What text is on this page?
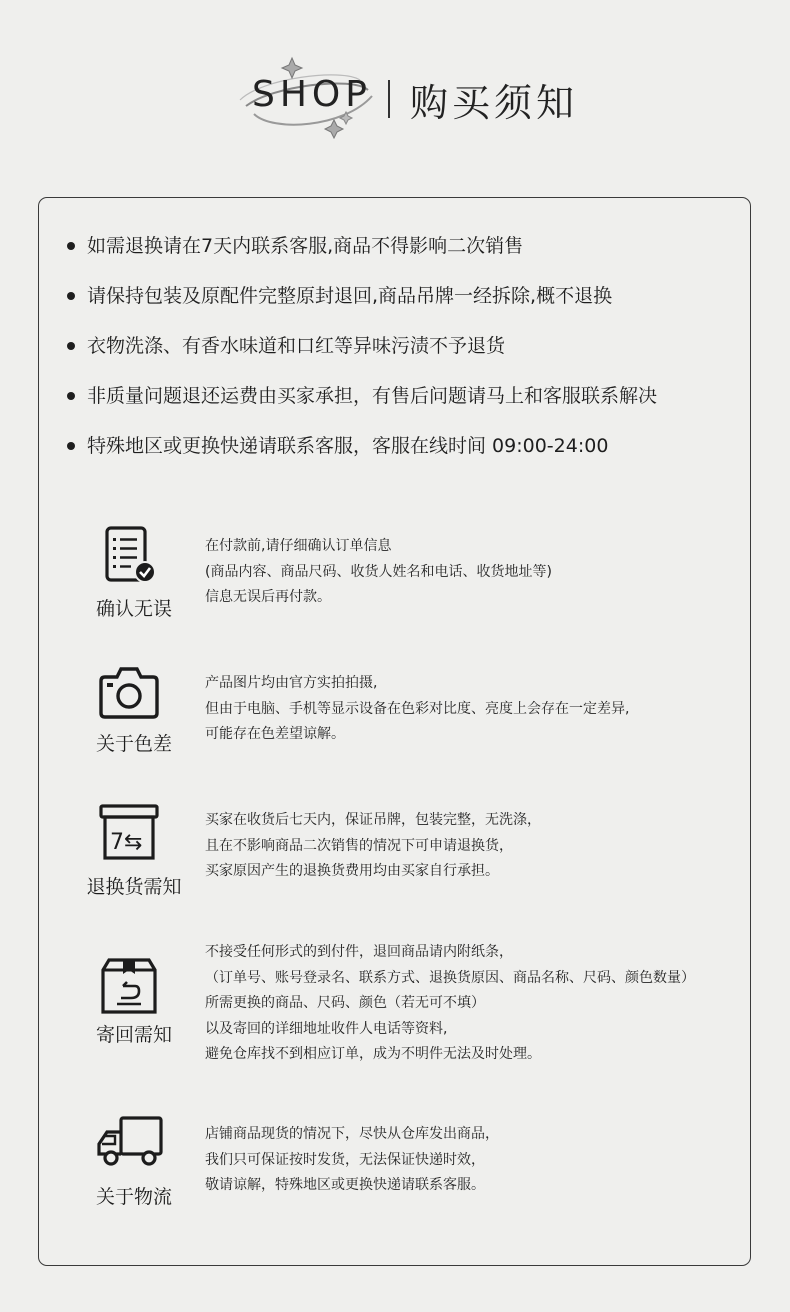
SHOP 购买须知
如需退换请在7天内联系客服,商品不得影响二次销售
请保持包装及原配件完整原封退回,商品吊牌一经拆除,概不退换
衣物洗涤、有香水味道和口红等异味污渍不予退货
非质量问题退还运费由买家承担，有售后问题请马上和客服联系解决
特殊地区或更换快递请联系客服，客服在线时间 09:00-24:00
确认无误
在付款前,请仔细确认订单信息
(商品内容、商品尺码、收货人姓名和电话、收货地址等)
信息无误后再付款。
关于色差
产品图片均由官方实拍拍摄,
但由于电脑、手机等显示设备在色彩对比度、亮度上会存在一定差异,
可能存在色差望谅解。
7⇆
退换货需知
买家在收货后七天内，保证吊牌，包装完整，无洗涤，
且在不影响商品二次销售的情况下可申请退换货，
买家原因产生的退换货费用均由买家自行承担。
寄回需知
不接受任何形式的到付件，退回商品请内附纸条，
（订单号、账号登录名、联系方式、退换货原因、商品名称、尺码、颜色数量）
所需更换的商品、尺码、颜色（若无可不填）
以及寄回的详细地址收件人电话等资料,
避免仓库找不到相应订单，成为不明件无法及时处理。
关于物流
店铺商品现货的情况下，尽快从仓库发出商品，
我们只可保证按时发货，无法保证快递时效，
敬请谅解，特殊地区或更换快递请联系客服。
